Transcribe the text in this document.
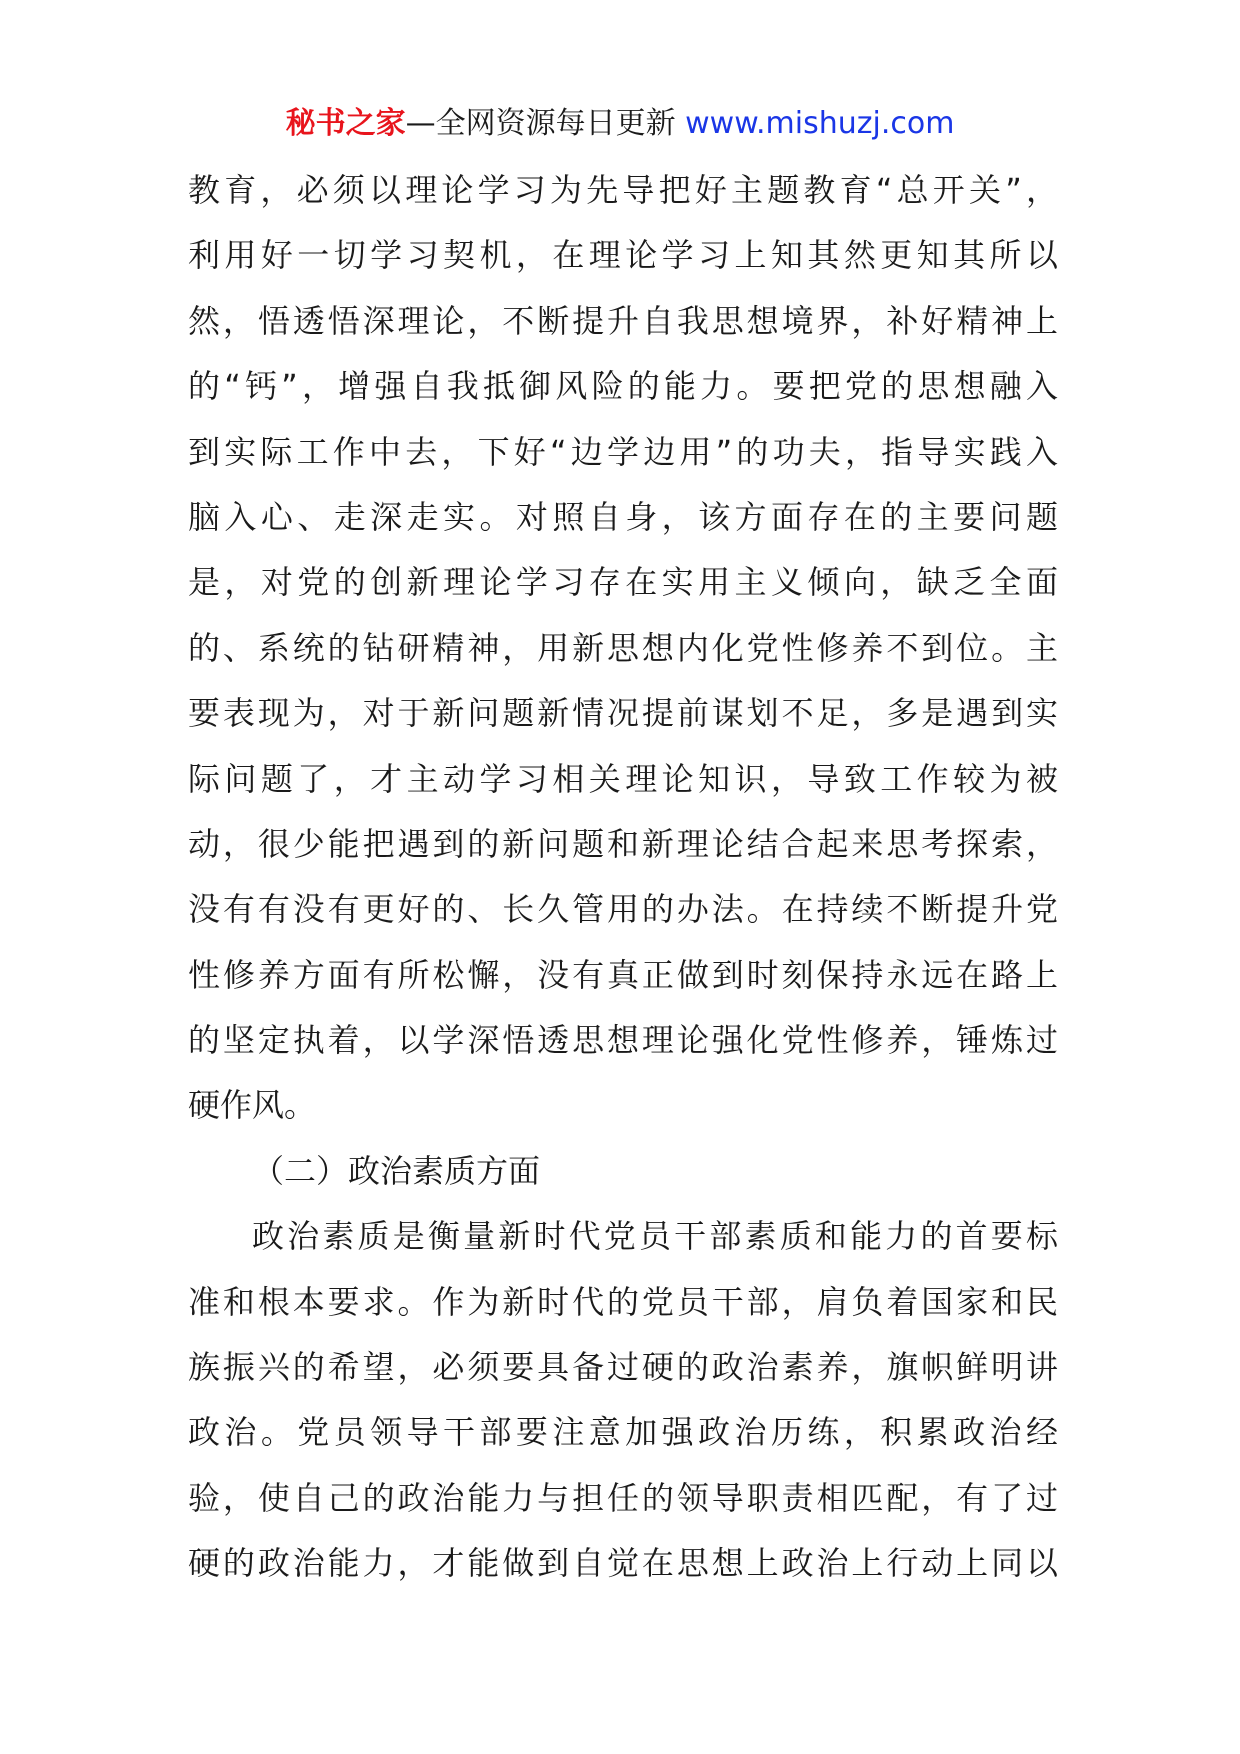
秘书之家—全网资源每日更新 www.mishuzj.com
教育，必须以理论学习为先导把好主题教育“总开关”，
利用好一切学习契机，在理论学习上知其然更知其所以
然，悟透悟深理论，不断提升自我思想境界，补好精神上
的“钙”，增强自我抵御风险的能力。要把党的思想融入
到实际工作中去，下好“边学边用”的功夫，指导实践入
脑入心、走深走实。对照自身，该方面存在的主要问题
是，对党的创新理论学习存在实用主义倾向，缺乏全面
的、系统的钻研精神，用新思想内化党性修养不到位。主
要表现为，对于新问题新情况提前谋划不足，多是遇到实
际问题了，才主动学习相关理论知识，导致工作较为被
动，很少能把遇到的新问题和新理论结合起来思考探索，
没有有没有更好的、长久管用的办法。在持续不断提升党
性修养方面有所松懈，没有真正做到时刻保持永远在路上
的坚定执着，以学深悟透思想理论强化党性修养，锤炼过
硬作风。
（二）政治素质方面
政治素质是衡量新时代党员干部素质和能力的首要标
准和根本要求。作为新时代的党员干部，肩负着国家和民
族振兴的希望，必须要具备过硬的政治素养，旗帜鲜明讲
政治。党员领导干部要注意加强政治历练，积累政治经
验，使自己的政治能力与担任的领导职责相匹配，有了过
硬的政治能力，才能做到自觉在思想上政治上行动上同以
